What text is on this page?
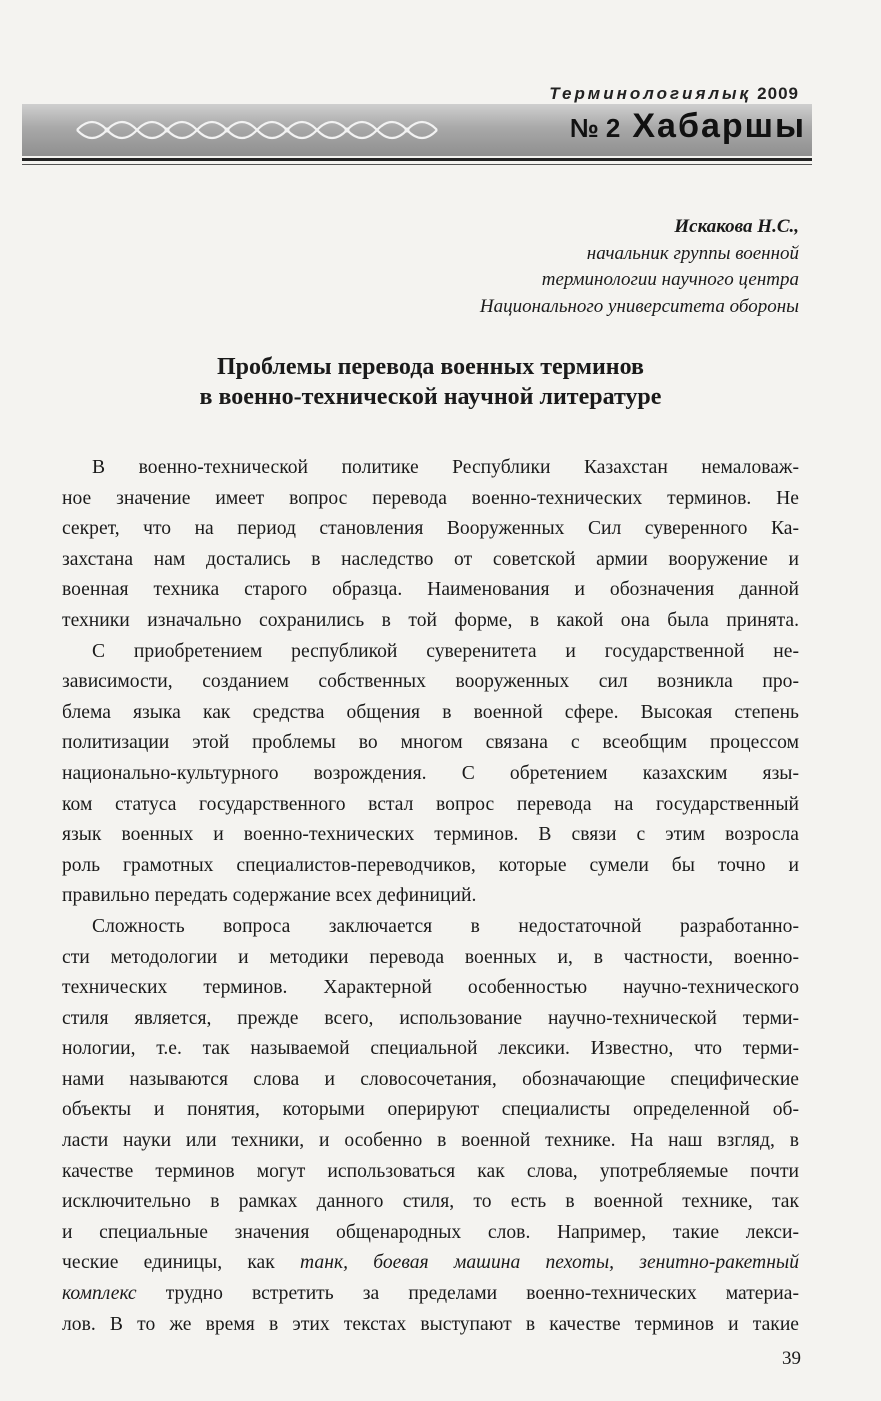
Терминологиялық 2009
№ 2 Хабаршы
Искакова Н.С.,
начальник группы военной
терминологии научного центра
Национального университета обороны
Проблемы перевода военных терминов
в военно-технической научной литературе

В военно-технической политике Республики Казахстан немаловаж-
ное значение имеет вопрос перевода военно-технических терминов. Не
секрет, что на период становления Вооруженных Сил суверенного Ка-
захстана нам достались в наследство от советской армии вооружение и
военная техника старого образца. Наименования и обозначения данной
техники изначально сохранились в той форме, в какой она была принята.

С приобретением республикой суверенитета и государственной не-
зависимости, созданием собственных вооруженных сил возникла про-
блема языка как средства общения в военной сфере. Высокая степень
политизации этой проблемы во многом связана с всеобщим процессом
национально-культурного возрождения. С обретением казахским язы-
ком статуса государственного встал вопрос перевода на государственный
язык военных и военно-технических терминов. В связи с этим возросла
роль грамотных специалистов-переводчиков, которые сумели бы точно и
правильно передать содержание всех дефиниций.

Сложность вопроса заключается в недостаточной разработанно-
сти методологии и методики перевода военных и, в частности, военно-
технических терминов. Характерной особенностью научно-технического
стиля является, прежде всего, использование научно-технической терми-
нологии, т.е. так называемой специальной лексики. Известно, что терми-
нами называются слова и словосочетания, обозначающие специфические
объекты и понятия, которыми оперируют специалисты определенной об-
ласти науки или техники, и особенно в военной технике. На наш взгляд, в
качестве терминов могут использоваться как слова, употребляемые почти
исключительно в рамках данного стиля, то есть в военной технике, так
и специальные значения общенародных слов. Например, такие лекси-
ческие единицы, как танк, боевая машина пехоты, зенитно-ракетный
комплекс трудно встретить за пределами военно-технических материа-
лов. В то же время в этих текстах выступают в качестве терминов и такие

39
